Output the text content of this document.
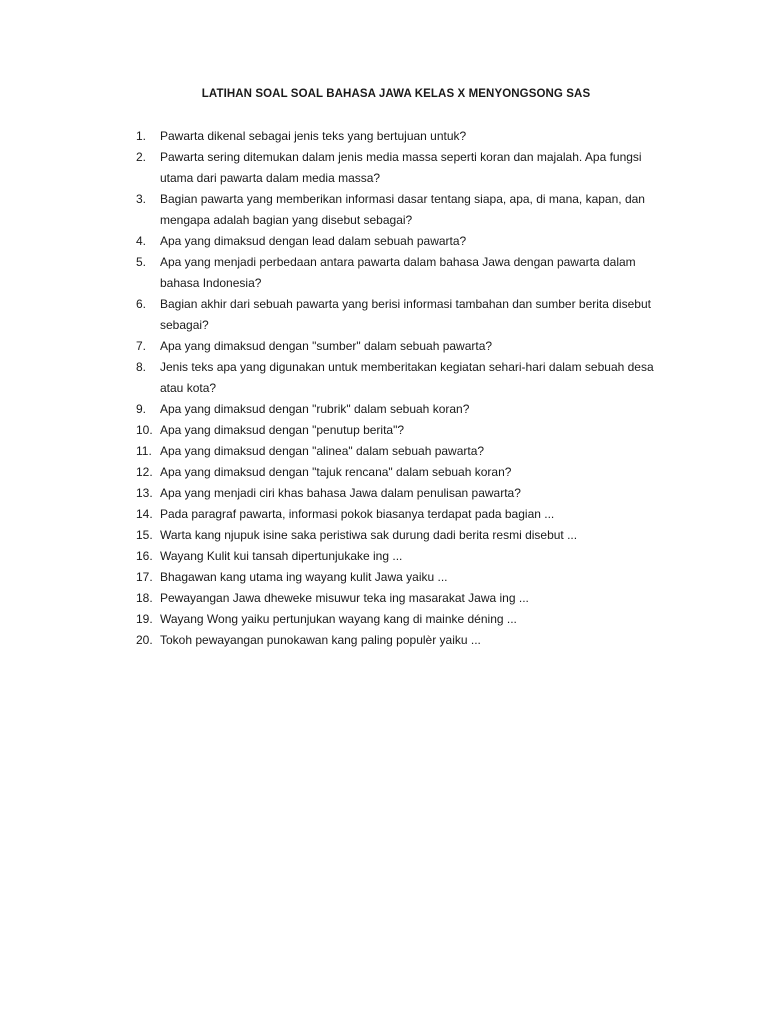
LATIHAN SOAL SOAL BAHASA JAWA KELAS X MENYONGSONG SAS
1.	Pawarta dikenal sebagai jenis teks yang bertujuan untuk?
2.	Pawarta sering ditemukan dalam jenis media massa seperti koran dan majalah. Apa fungsi
utama dari pawarta dalam media massa?
3.	Bagian pawarta yang memberikan informasi dasar tentang siapa, apa, di mana, kapan, dan
mengapa adalah bagian yang disebut sebagai?
4.	Apa yang dimaksud dengan lead dalam sebuah pawarta?
5.	Apa yang menjadi perbedaan antara pawarta dalam bahasa Jawa dengan pawarta dalam
bahasa Indonesia?
6.	Bagian akhir dari sebuah pawarta yang berisi informasi tambahan dan sumber berita disebut
sebagai?
7.	Apa yang dimaksud dengan "sumber" dalam sebuah pawarta?
8.	Jenis teks apa yang digunakan untuk memberitakan kegiatan sehari-hari dalam sebuah desa
atau kota?
9.	Apa yang dimaksud dengan "rubrik" dalam sebuah koran?
10. Apa yang dimaksud dengan "penutup berita"?
11. Apa yang dimaksud dengan "alinea" dalam sebuah pawarta?
12. Apa yang dimaksud dengan "tajuk rencana" dalam sebuah koran?
13. Apa yang menjadi ciri khas bahasa Jawa dalam penulisan pawarta?
14. Pada paragraf pawarta, informasi pokok biasanya terdapat pada bagian ...
15. Warta kang njupuk isine saka peristiwa sak durung dadi berita resmi disebut ...
16. Wayang Kulit kui tansah dipertunjukake ing ...
17. Bhagawan kang utama ing wayang kulit Jawa yaiku ...
18. Pewayangan Jawa dheweke misuwur teka ing masarakat Jawa ing ...
19. Wayang Wong yaiku pertunjukan wayang kang di mainke déning ...
20. Tokoh pewayangan punokawan kang paling populèr yaiku ...
